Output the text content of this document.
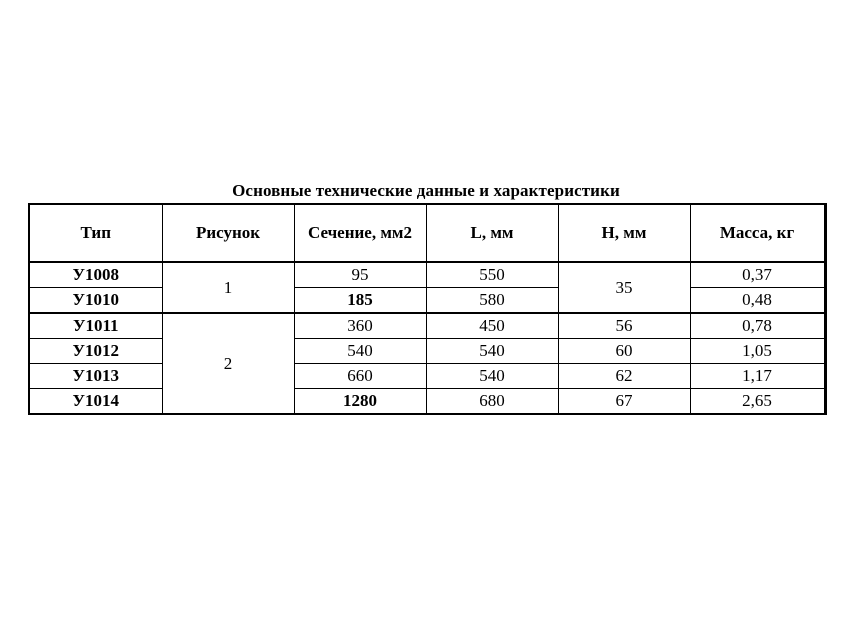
Основные технические данные и характеристики
Тип	Рисунок	Сечение, мм2	L, мм	H, мм	Масса, кг
У1008	1	95	550	35	0,37
У1010		185	580		0,48
У1011	2	360	450	56	0,78
У1012		540	540	60	1,05
У1013		660	540	62	1,17
У1014		1280	680	67	2,65
